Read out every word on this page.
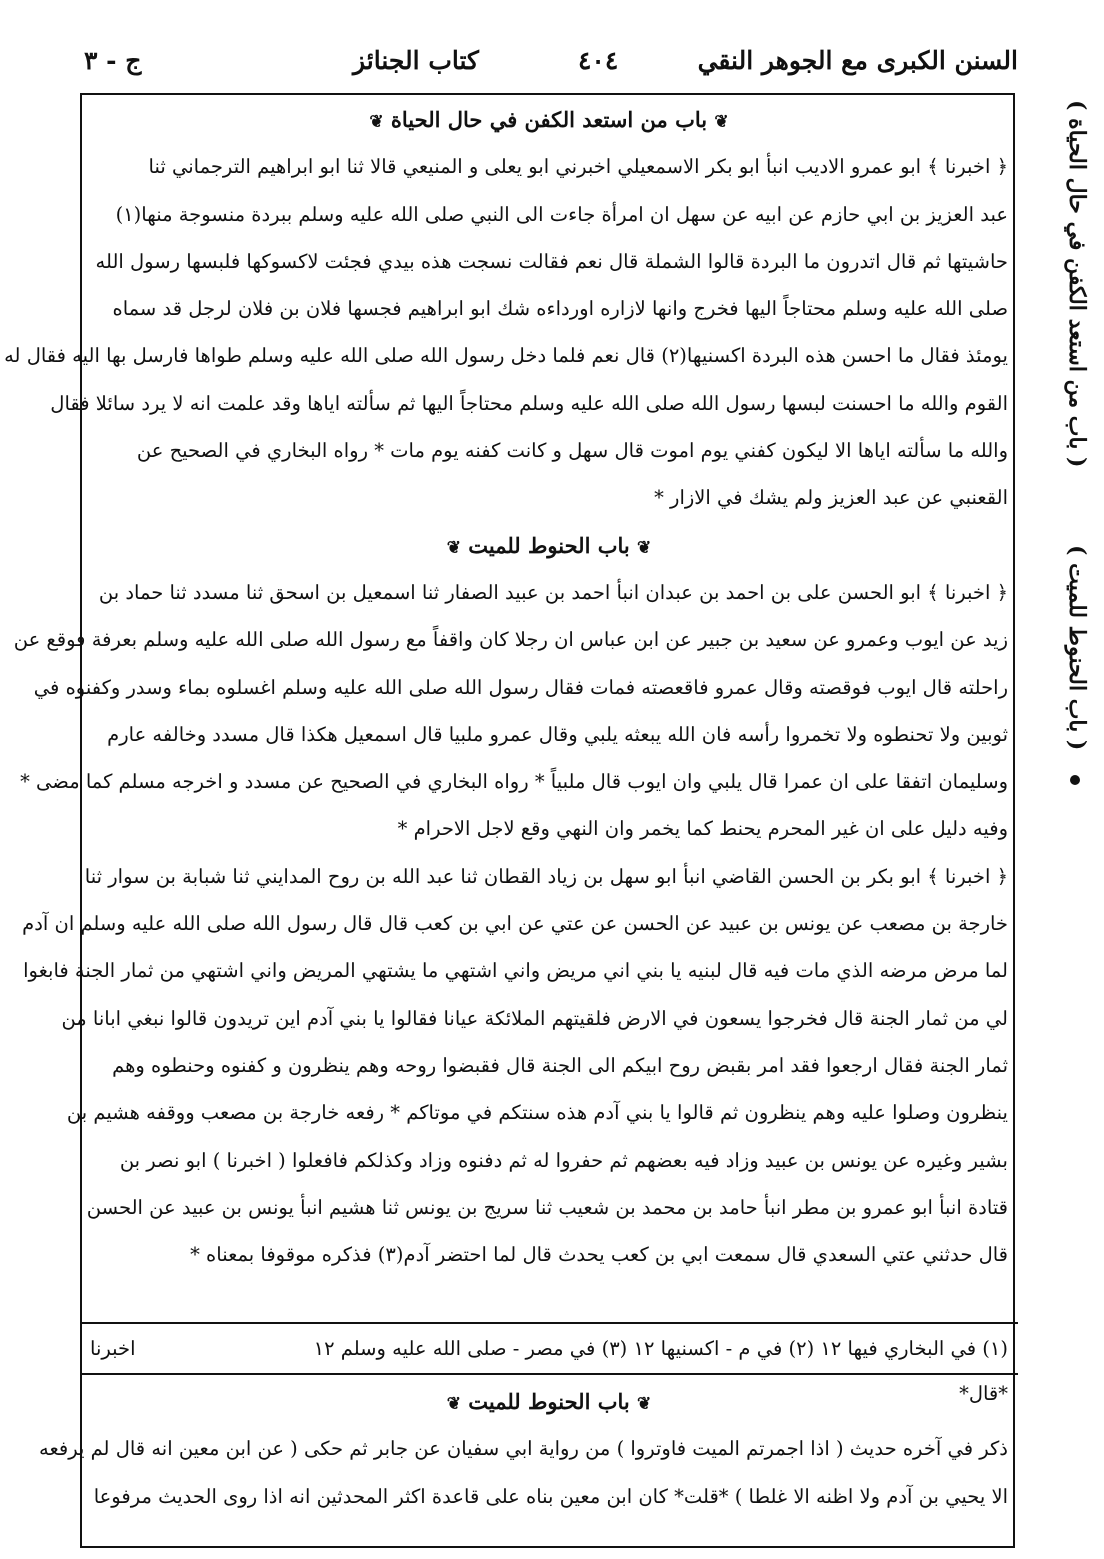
السنن الكبرى مع الجوهر النقي
٤٠٤
كتاب الجنائز
ج - ٣
❦ باب من استعد الكفن في حال الحياة ❦
﴿ اخبرنا ﴾ ابو عمرو الاديب انبأ ابو بكر الاسمعيلي اخبرني ابو يعلى و المنيعي قالا ثنا ابو ابراهيم الترجماني ثنا
عبد العزيز بن ابي حازم عن ابيه عن سهل ان امرأة جاءت الى النبي صلى الله عليه وسلم ببردة منسوجة منها(١)
حاشيتها ثم قال اتدرون ما البردة قالوا الشملة قال نعم فقالت نسجت هذه بيدي فجئت لاكسوكها فلبسها رسول الله
صلى الله عليه وسلم محتاجاً اليها فخرج وانها لازاره اورداءه شك ابو ابراهيم فجسها فلان بن فلان لرجل قد سماه
يومئذ فقال ما احسن هذه البردة اكسنيها(٢) قال نعم فلما دخل رسول الله صلى الله عليه وسلم طواها فارسل بها اليه فقال له
القوم والله ما احسنت لبسها رسول الله صلى الله عليه وسلم محتاجاً اليها ثم سألته اياها وقد علمت انه لا يرد سائلا فقال
والله ما سألته اياها الا ليكون كفني يوم اموت قال سهل و كانت كفنه يوم مات * رواه البخاري في الصحيح عن
القعنبي عن عبد العزيز ولم يشك في الازار *
❦ باب الحنوط للميت ❦
﴿ اخبرنا ﴾ ابو الحسن على بن احمد بن عبدان انبأ احمد بن عبيد الصفار ثنا اسمعيل بن اسحق ثنا مسدد ثنا حماد بن
زيد عن ايوب وعمرو عن سعيد بن جبير عن ابن عباس ان رجلا كان واقفاً مع رسول الله صلى الله عليه وسلم بعرفة فوقع عن
راحلته قال ايوب فوقصته وقال عمرو فاقعصته فمات فقال رسول الله صلى الله عليه وسلم اغسلوه بماء وسدر وكفنوه في
ثوبين ولا تحنطوه ولا تخمروا رأسه فان الله يبعثه يلبي وقال عمرو ملبيا قال اسمعيل هكذا قال مسدد وخالفه عارم
وسليمان اتفقا على ان عمرا قال يلبي وان ايوب قال ملبياً * رواه البخاري في الصحيح عن مسدد و اخرجه مسلم كما مضى *
وفيه دليل على ان غير المحرم يحنط كما يخمر وان النهي وقع لاجل الاحرام *
﴿ اخبرنا ﴾ ابو بكر بن الحسن القاضي انبأ ابو سهل بن زياد القطان ثنا عبد الله بن روح المدايني ثنا شبابة بن سوار ثنا
خارجة بن مصعب عن يونس بن عبيد عن الحسن عن عتي عن ابي بن كعب قال قال رسول الله صلى الله عليه وسلم ان آدم
لما مرض مرضه الذي مات فيه قال لبنيه يا بني اني مريض واني اشتهي ما يشتهي المريض واني اشتهي من ثمار الجنة فابغوا
لي من ثمار الجنة قال فخرجوا يسعون في الارض فلقيتهم الملائكة عيانا فقالوا يا بني آدم اين تريدون قالوا نبغي ابانا من
ثمار الجنة فقال ارجعوا فقد امر بقبض روح ابيكم الى الجنة قال فقبضوا روحه وهم ينظرون و كفنوه وحنطوه وهم
ينظرون وصلوا عليه وهم ينظرون ثم قالوا يا بني آدم هذه سنتكم في موتاكم * رفعه خارجة بن مصعب ووقفه هشيم بن
بشير وغيره عن يونس بن عبيد وزاد فيه بعضهم ثم حفروا له ثم دفنوه وزاد وكذلكم فافعلوا ( اخبرنا ) ابو نصر بن
قتادة انبأ ابو عمرو بن مطر انبأ حامد بن محمد بن شعيب ثنا سريج بن يونس ثنا هشيم انبأ يونس بن عبيد عن الحسن
قال حدثني عتي السعدي قال سمعت ابي بن كعب يحدث قال لما احتضر آدم(٣) فذكره موقوفا بمعناه *
(١) في البخاري فيها ١٢ (٢) في م - اكسنيها ١٢ (٣) في مصر - صلى الله عليه وسلم ١٢
اخبرنا
❦ باب الحنوط للميت ❦	*قال*
ذكر في آخره حديث ( اذا اجمرتم الميت فاوتروا ) من رواية ابي سفيان عن جابر ثم حكى ( عن ابن معين انه قال لم يرفعه
الا يحيي بن آدم ولا اظنه الا غلطا ) *قلت* كان ابن معين بناه على قاعدة اكثر المحدثين انه اذا روى الحديث مرفوعا
( باب من استعد الكفن في حال الحياة )
( باب الحنوط للميت )
